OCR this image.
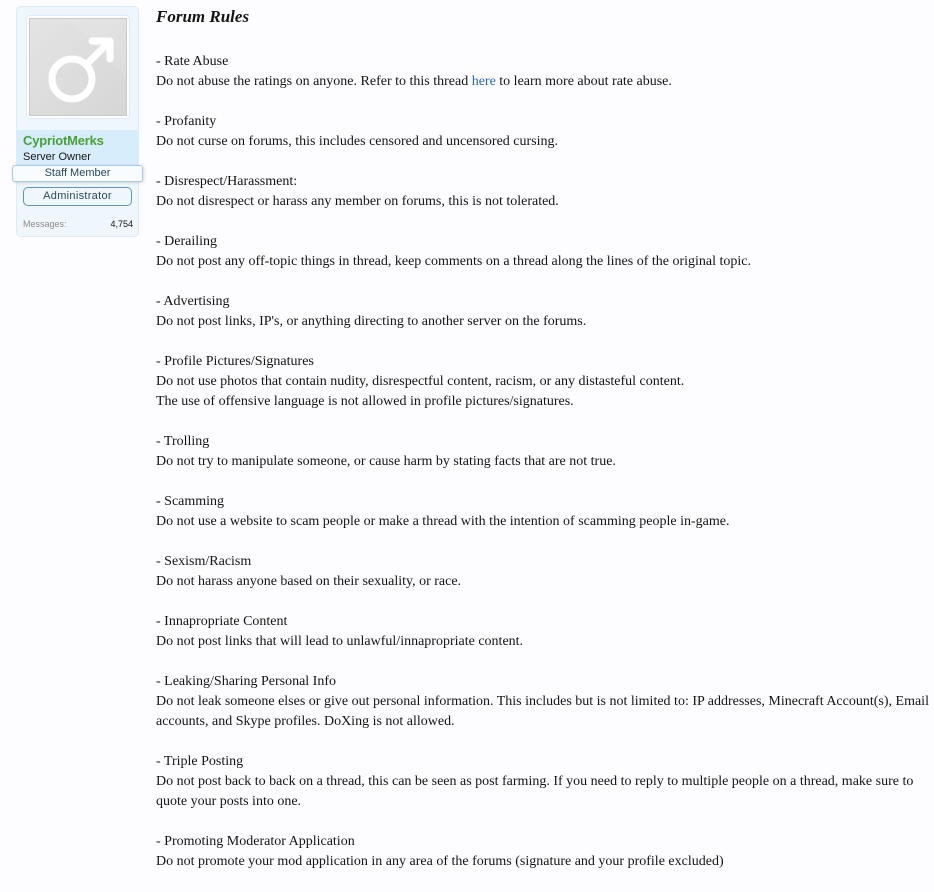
CypriotMerks
Server Owner
Staff Member
Administrator
Messages:	4,754
Forum Rules
- Rate Abuse
Do not abuse the ratings on anyone. Refer to this thread here to learn more about rate abuse.
- Profanity
Do not curse on forums, this includes censored and uncensored cursing.
- Disrespect/Harassment:
Do not disrespect or harass any member on forums, this is not tolerated.
- Derailing
Do not post any off-topic things in thread, keep comments on a thread along the lines of the original topic.
- Advertising
Do not post links, IP's, or anything directing to another server on the forums.
- Profile Pictures/Signatures
Do not use photos that contain nudity, disrespectful content, racism, or any distasteful content.
The use of offensive language is not allowed in profile pictures/signatures.
- Trolling
Do not try to manipulate someone, or cause harm by stating facts that are not true.
- Scamming
Do not use a website to scam people or make a thread with the intention of scamming people in-game.
- Sexism/Racism
Do not harass anyone based on their sexuality, or race.
- Innapropriate Content
Do not post links that will lead to unlawful/innapropriate content.
- Leaking/Sharing Personal Info
Do not leak someone elses or give out personal information. This includes but is not limited to: IP addresses, Minecraft Account(s), Email accounts, and Skype profiles. DoXing is not allowed.
- Triple Posting
Do not post back to back on a thread, this can be seen as post farming. If you need to reply to multiple people on a thread, make sure to quote your posts into one.
- Promoting Moderator Application
Do not promote your mod application in any area of the forums (signature and your profile excluded)
